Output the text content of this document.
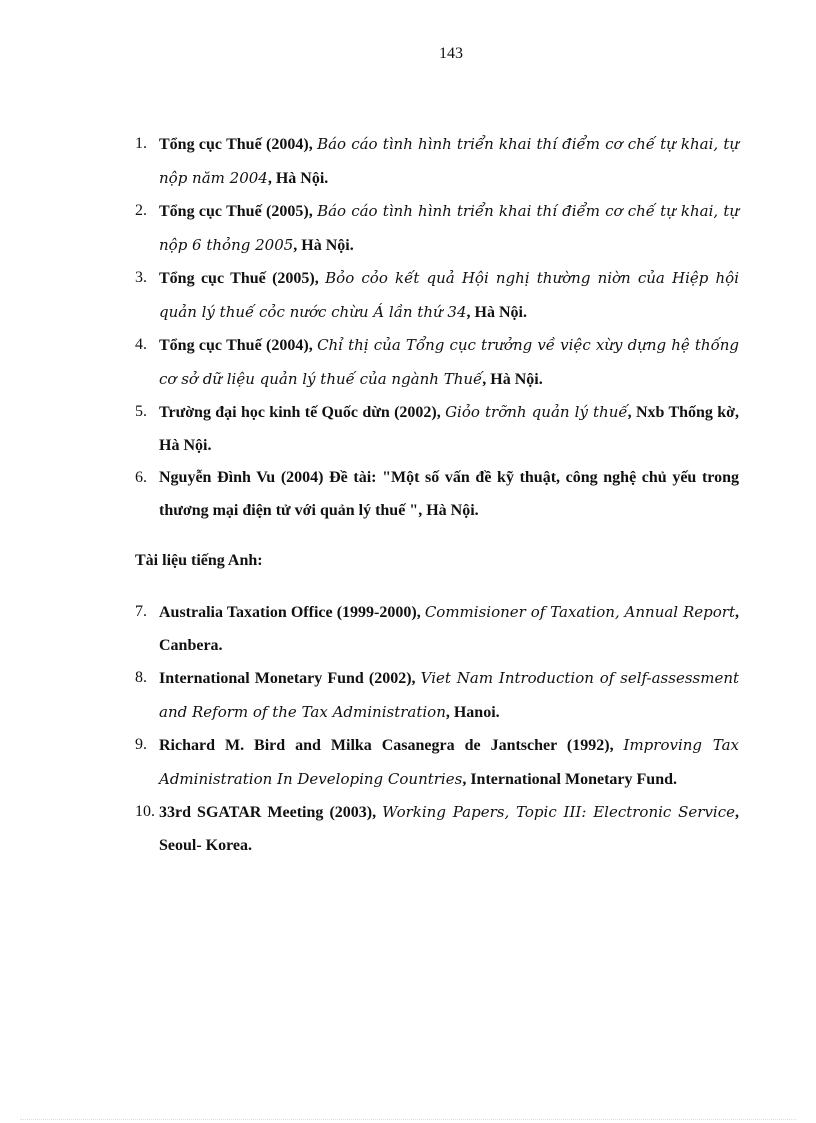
143
1. Tổng cục Thuế (2004), Báo cáo tình hình triển khai thí điểm cơ chế tự khai, tự nộp năm 2004, Hà Nội.
2. Tổng cục Thuế (2005), Báo cáo tình hình triển khai thí điểm cơ chế tự khai, tự nộp 6 thỏng 2005, Hà Nội.
3. Tổng cục Thuế (2005), Bỏo cỏo kết quả Hội nghị thường niờn của Hiệp hội quản lý thuế cỏc nước chừu Á lần thứ 34, Hà Nội.
4. Tổng cục Thuế (2004), Chỉ thị của Tổng cục trưởng về việc xừy dựng hệ thống cơ sở dữ liệu quản lý thuế của ngành Thuế, Hà Nội.
5. Trường đại học kinh tế Quốc dừn (2002), Giỏo trỡnh quản lý thuế, Nxb Thống kờ, Hà Nội.
6. Nguyễn Đình Vu (2004) Đề tài: "Một số vấn đề kỹ thuật, công nghệ chủ yếu trong thương mại điện tử với quản lý thuế ", Hà Nội.
Tài liệu tiếng Anh:
7. Australia Taxation Office (1999-2000), Commisioner of Taxation, Annual Report, Canbera.
8. International Monetary Fund (2002), Viet Nam Introduction of self-assessment and Reform of the Tax Administration, Hanoi.
9. Richard M. Bird and Milka Casanegra de Jantscher (1992), Improving Tax Administration In Developing Countries, International Monetary Fund.
10. 33rd SGATAR Meeting (2003), Working Papers, Topic III: Electronic Service, Seoul- Korea.
